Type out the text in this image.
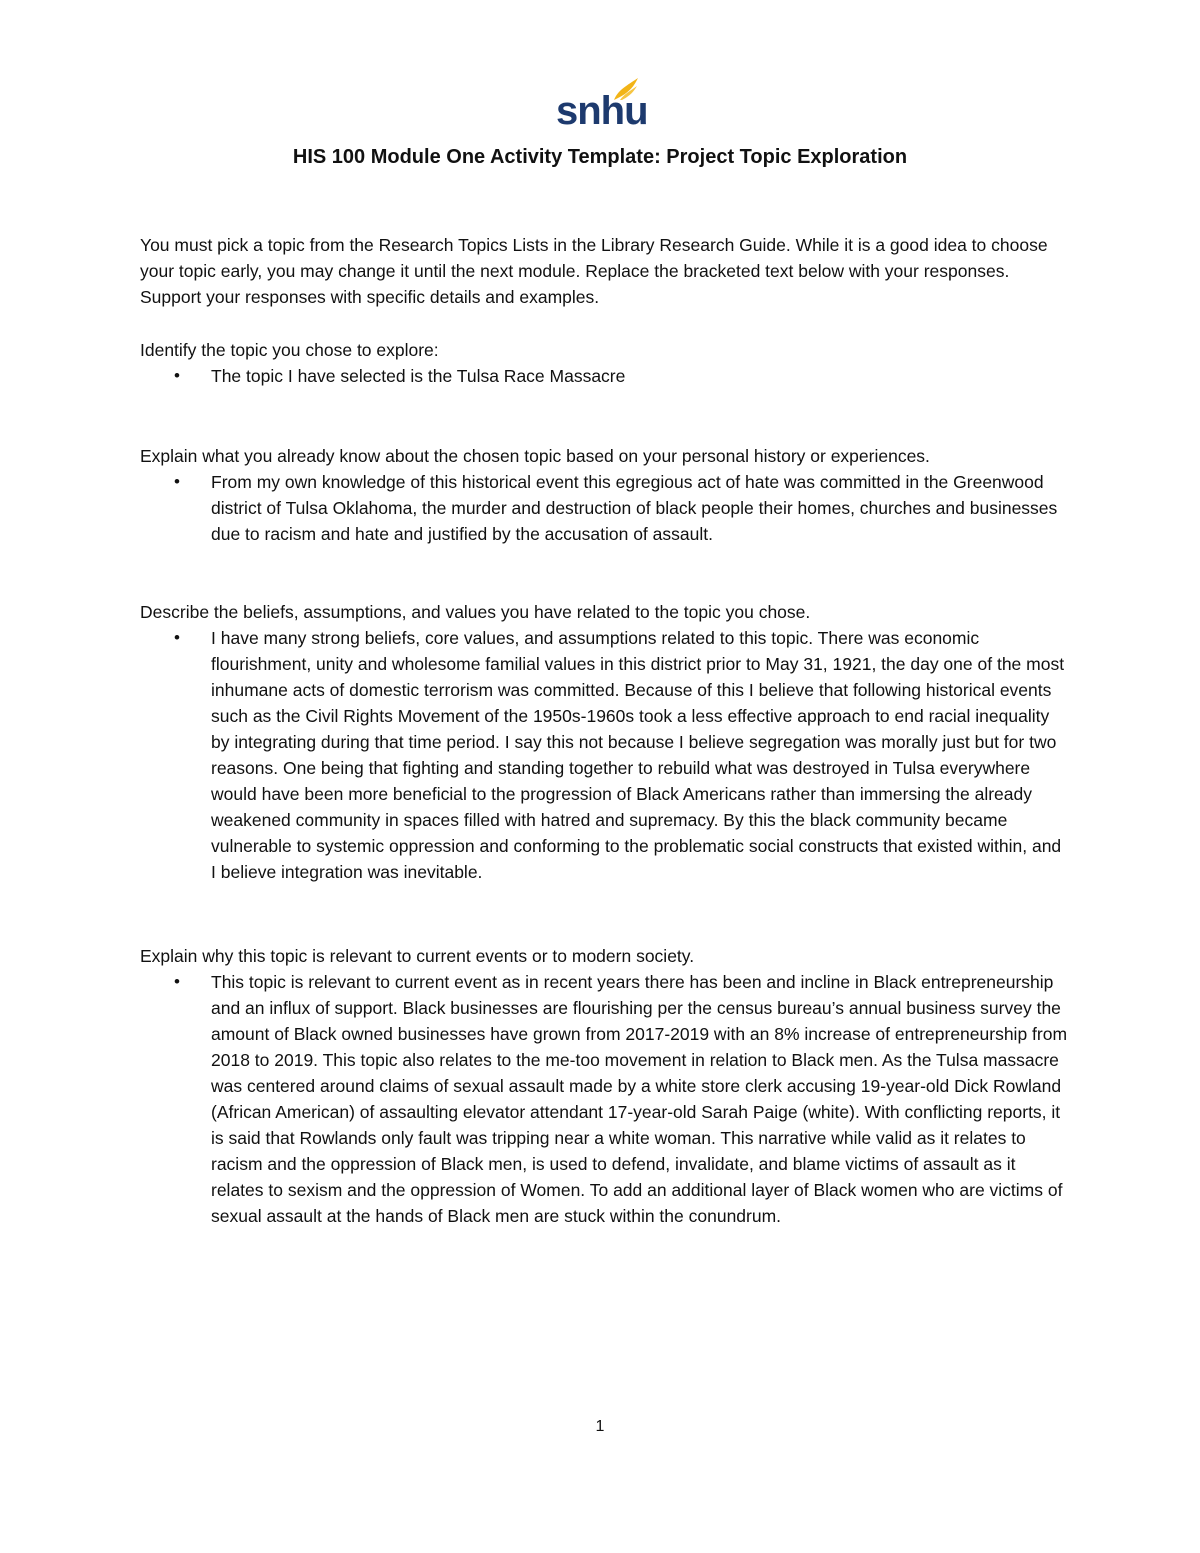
snhu
HIS 100 Module One Activity Template: Project Topic Exploration
You must pick a topic from the Research Topics Lists in the Library Research Guide. While it is a good idea to choose your topic early, you may change it until the next module. Replace the bracketed text below with your responses. Support your responses with specific details and examples.

Identify the topic you chose to explore:

• The topic I have selected is the Tulsa Race Massacre

Explain what you already know about the chosen topic based on your personal history or experiences.

• From my own knowledge of this historical event this egregious act of hate was committed in the Greenwood district of Tulsa Oklahoma, the murder and destruction of black people their homes, churches and businesses due to racism and hate and justified by the accusation of assault.

Describe the beliefs, assumptions, and values you have related to the topic you chose.

• I have many strong beliefs, core values, and assumptions related to this topic. There was economic flourishment, unity and wholesome familial values in this district prior to May 31, 1921, the day one of the most inhumane acts of domestic terrorism was committed. Because of this I believe that following historical events such as the Civil Rights Movement of the 1950s-1960s took a less effective approach to end racial inequality by integrating during that time period. I say this not because I believe segregation was morally just but for two reasons. One being that fighting and standing together to rebuild what was destroyed in Tulsa everywhere would have been more beneficial to the progression of Black Americans rather than immersing the already weakened community in spaces filled with hatred and supremacy. By this the black community became vulnerable to systemic oppression and conforming to the problematic social constructs that existed within, and I believe integration was inevitable.

Explain why this topic is relevant to current events or to modern society.

• This topic is relevant to current event as in recent years there has been and incline in Black entrepreneurship and an influx of support. Black businesses are flourishing per the census bureau’s annual business survey the amount of Black owned businesses have grown from 2017-2019 with an 8% increase of entrepreneurship from 2018 to 2019. This topic also relates to the me-too movement in relation to Black men. As the Tulsa massacre was centered around claims of sexual assault made by a white store clerk accusing 19-year-old Dick Rowland (African American) of assaulting elevator attendant 17-year-old Sarah Paige (white). With conflicting reports, it is said that Rowlands only fault was tripping near a white woman. This narrative while valid as it relates to racism and the oppression of Black men, is used to defend, invalidate, and blame victims of assault as it relates to sexism and the oppression of Women. To add an additional layer of Black women who are victims of sexual assault at the hands of Black men are stuck within the conundrum.

1
